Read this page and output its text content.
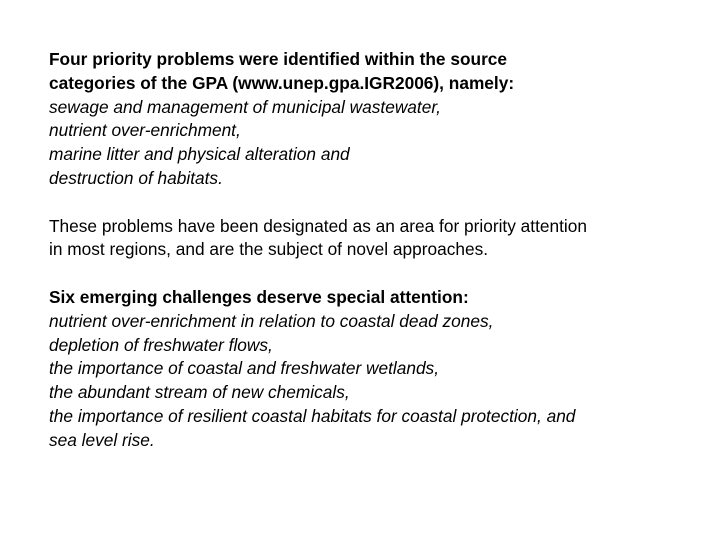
Four priority problems were identified within the source
categories of the GPA (www.unep.gpa.IGR2006), namely:
sewage and management of municipal wastewater,
nutrient over-enrichment,
marine litter and physical alteration and
destruction of habitats.
These problems have been designated as an area for priority attention
in most regions, and are the subject of novel approaches.
Six emerging challenges deserve special attention:
nutrient over-enrichment in relation to coastal dead zones,
depletion of freshwater flows,
the importance of coastal and freshwater wetlands,
the abundant stream of new chemicals,
the importance of resilient coastal habitats for coastal protection, and
sea level rise.
